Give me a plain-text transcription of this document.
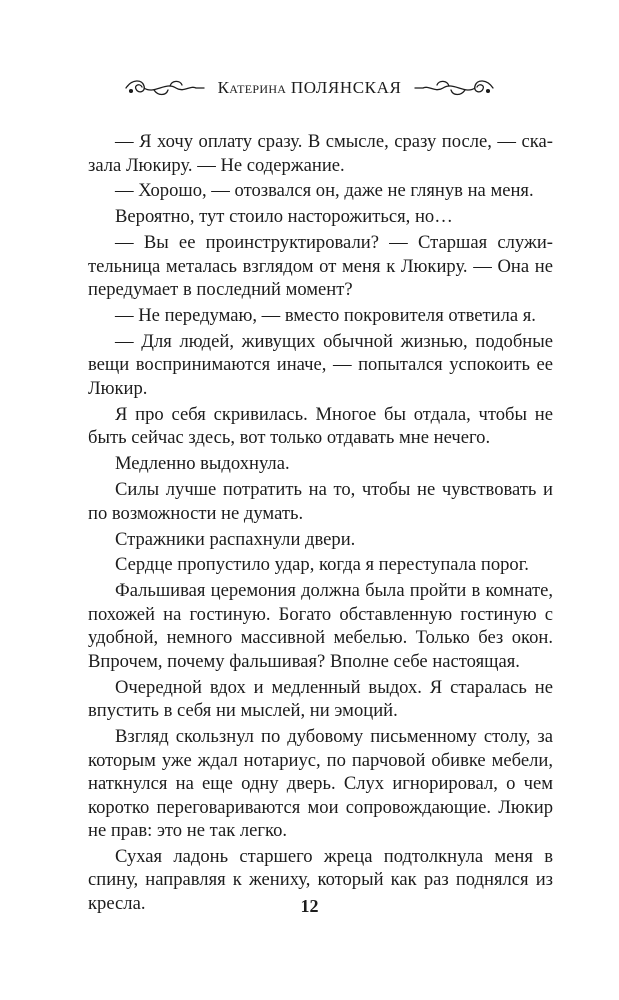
Катерина ПОЛЯНСКАЯ

— Я хочу оплату сразу. В смысле, сразу после, — сказала Люкиру. — Не содержание.

— Хорошо, — отозвался он, даже не глянув на меня.

Вероятно, тут стоило насторожиться, но…

— Вы ее проинструктировали? — Старшая служительница металась взглядом от меня к Люкиру. — Она не передумает в последний момент?

— Не передумаю, — вместо покровителя ответила я.

— Для людей, живущих обычной жизнью, подобные вещи воспринимаются иначе, — попытался успокоить ее Люкир.

Я про себя скривилась. Многое бы отдала, чтобы не быть сейчас здесь, вот только отдавать мне нечего.

Медленно выдохнула.

Силы лучше потратить на то, чтобы не чувствовать и по возможности не думать.

Стражники распахнули двери.

Сердце пропустило удар, когда я переступала порог.

Фальшивая церемония должна была пройти в комнате, похожей на гостиную. Богато обставленную гостиную с удобной, немного массивной мебелью. Только без окон. Впрочем, почему фальшивая? Вполне себе настоящая.

Очередной вдох и медленный выдох. Я старалась не впустить в себя ни мыслей, ни эмоций.

Взгляд скользнул по дубовому письменному столу, за которым уже ждал нотариус, по парчовой обивке мебели, наткнулся на еще одну дверь. Слух игнорировал, о чем коротко переговариваются мои сопровождающие. Люкир не прав: это не так легко.

Сухая ладонь старшего жреца подтолкнула меня в спину, направляя к жениху, который как раз поднялся из кресла.	12
